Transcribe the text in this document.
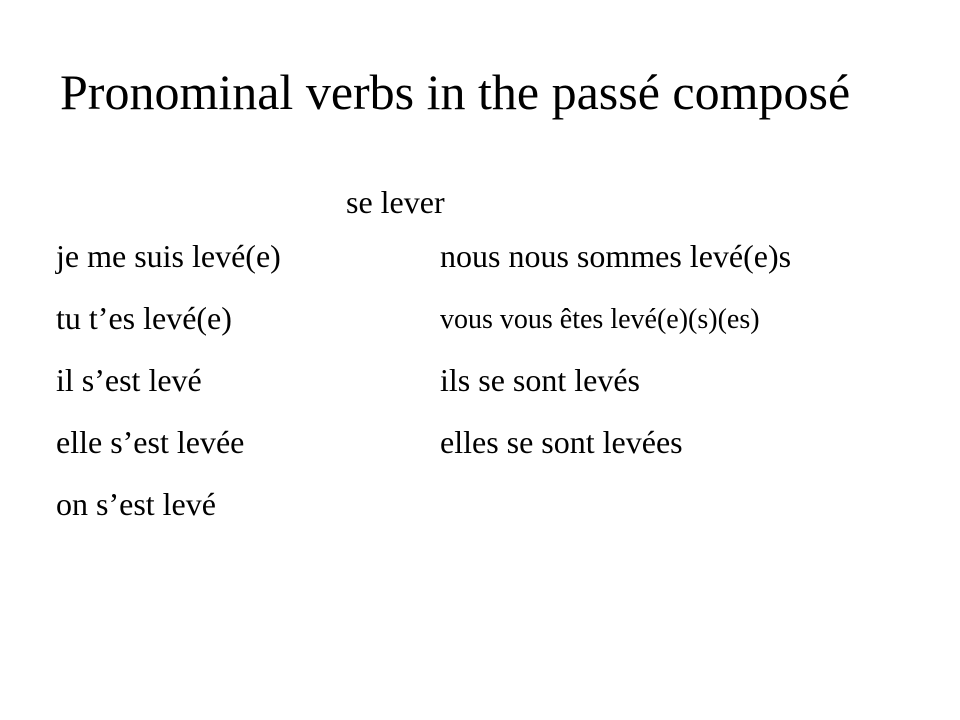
Pronominal verbs in the passé composé
se lever
je me suis levé(e)
tu t’es levé(e)
il s’est levé
elle s’est levée
on s’est levé
nous nous sommes levé(e)s
vous vous êtes levé(e)(s)(es)
ils se sont levés
elles se sont levées
